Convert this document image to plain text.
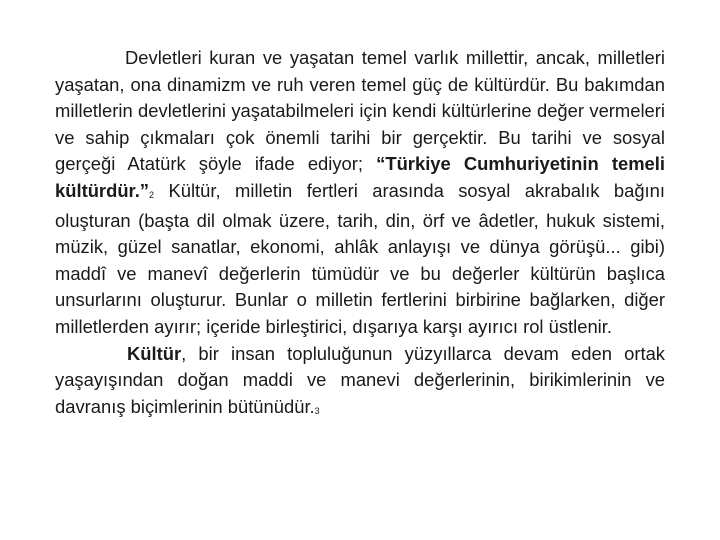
Devletleri kuran ve yaşatan temel varlık millettir, ancak, milletleri yaşatan, ona dinamizm ve ruh veren temel güç de kültürdür. Bu bakımdan milletlerin devletlerini yaşatabilmeleri için kendi kültürlerine değer vermeleri ve sahip çıkmaları çok önemli tarihi bir gerçektir. Bu tarihi ve sosyal gerçeği Atatürk şöyle ifade ediyor; “Türkiye Cumhuriyetinin temeli kültürdür.”2 Kültür, milletin fertleri arasında sosyal akrabalık bağını oluşturan (başta dil olmak üzere, tarih, din, örf ve âdetler, hukuk sistemi, müzik, güzel sanatlar, ekonomi, ahlâk anlayışı ve dünya görüşü... gibi) maddî ve manevî değerlerin tümüdür ve bu değerler kültürün başlıca unsurlarını oluşturur. Bunlar o milletin fertlerini birbirine bağlarken, diğer milletlerden ayırır; içeride birleştirici, dışarıya karşı ayırıcı rol üstlenir.

Kültür, bir insan topluluğunun yüzyıllarca devam eden ortak yaşayışından doğan maddi ve manevi değerlerinin, birikimlerinin ve davranış biçimlerinin bütünüdür.3
